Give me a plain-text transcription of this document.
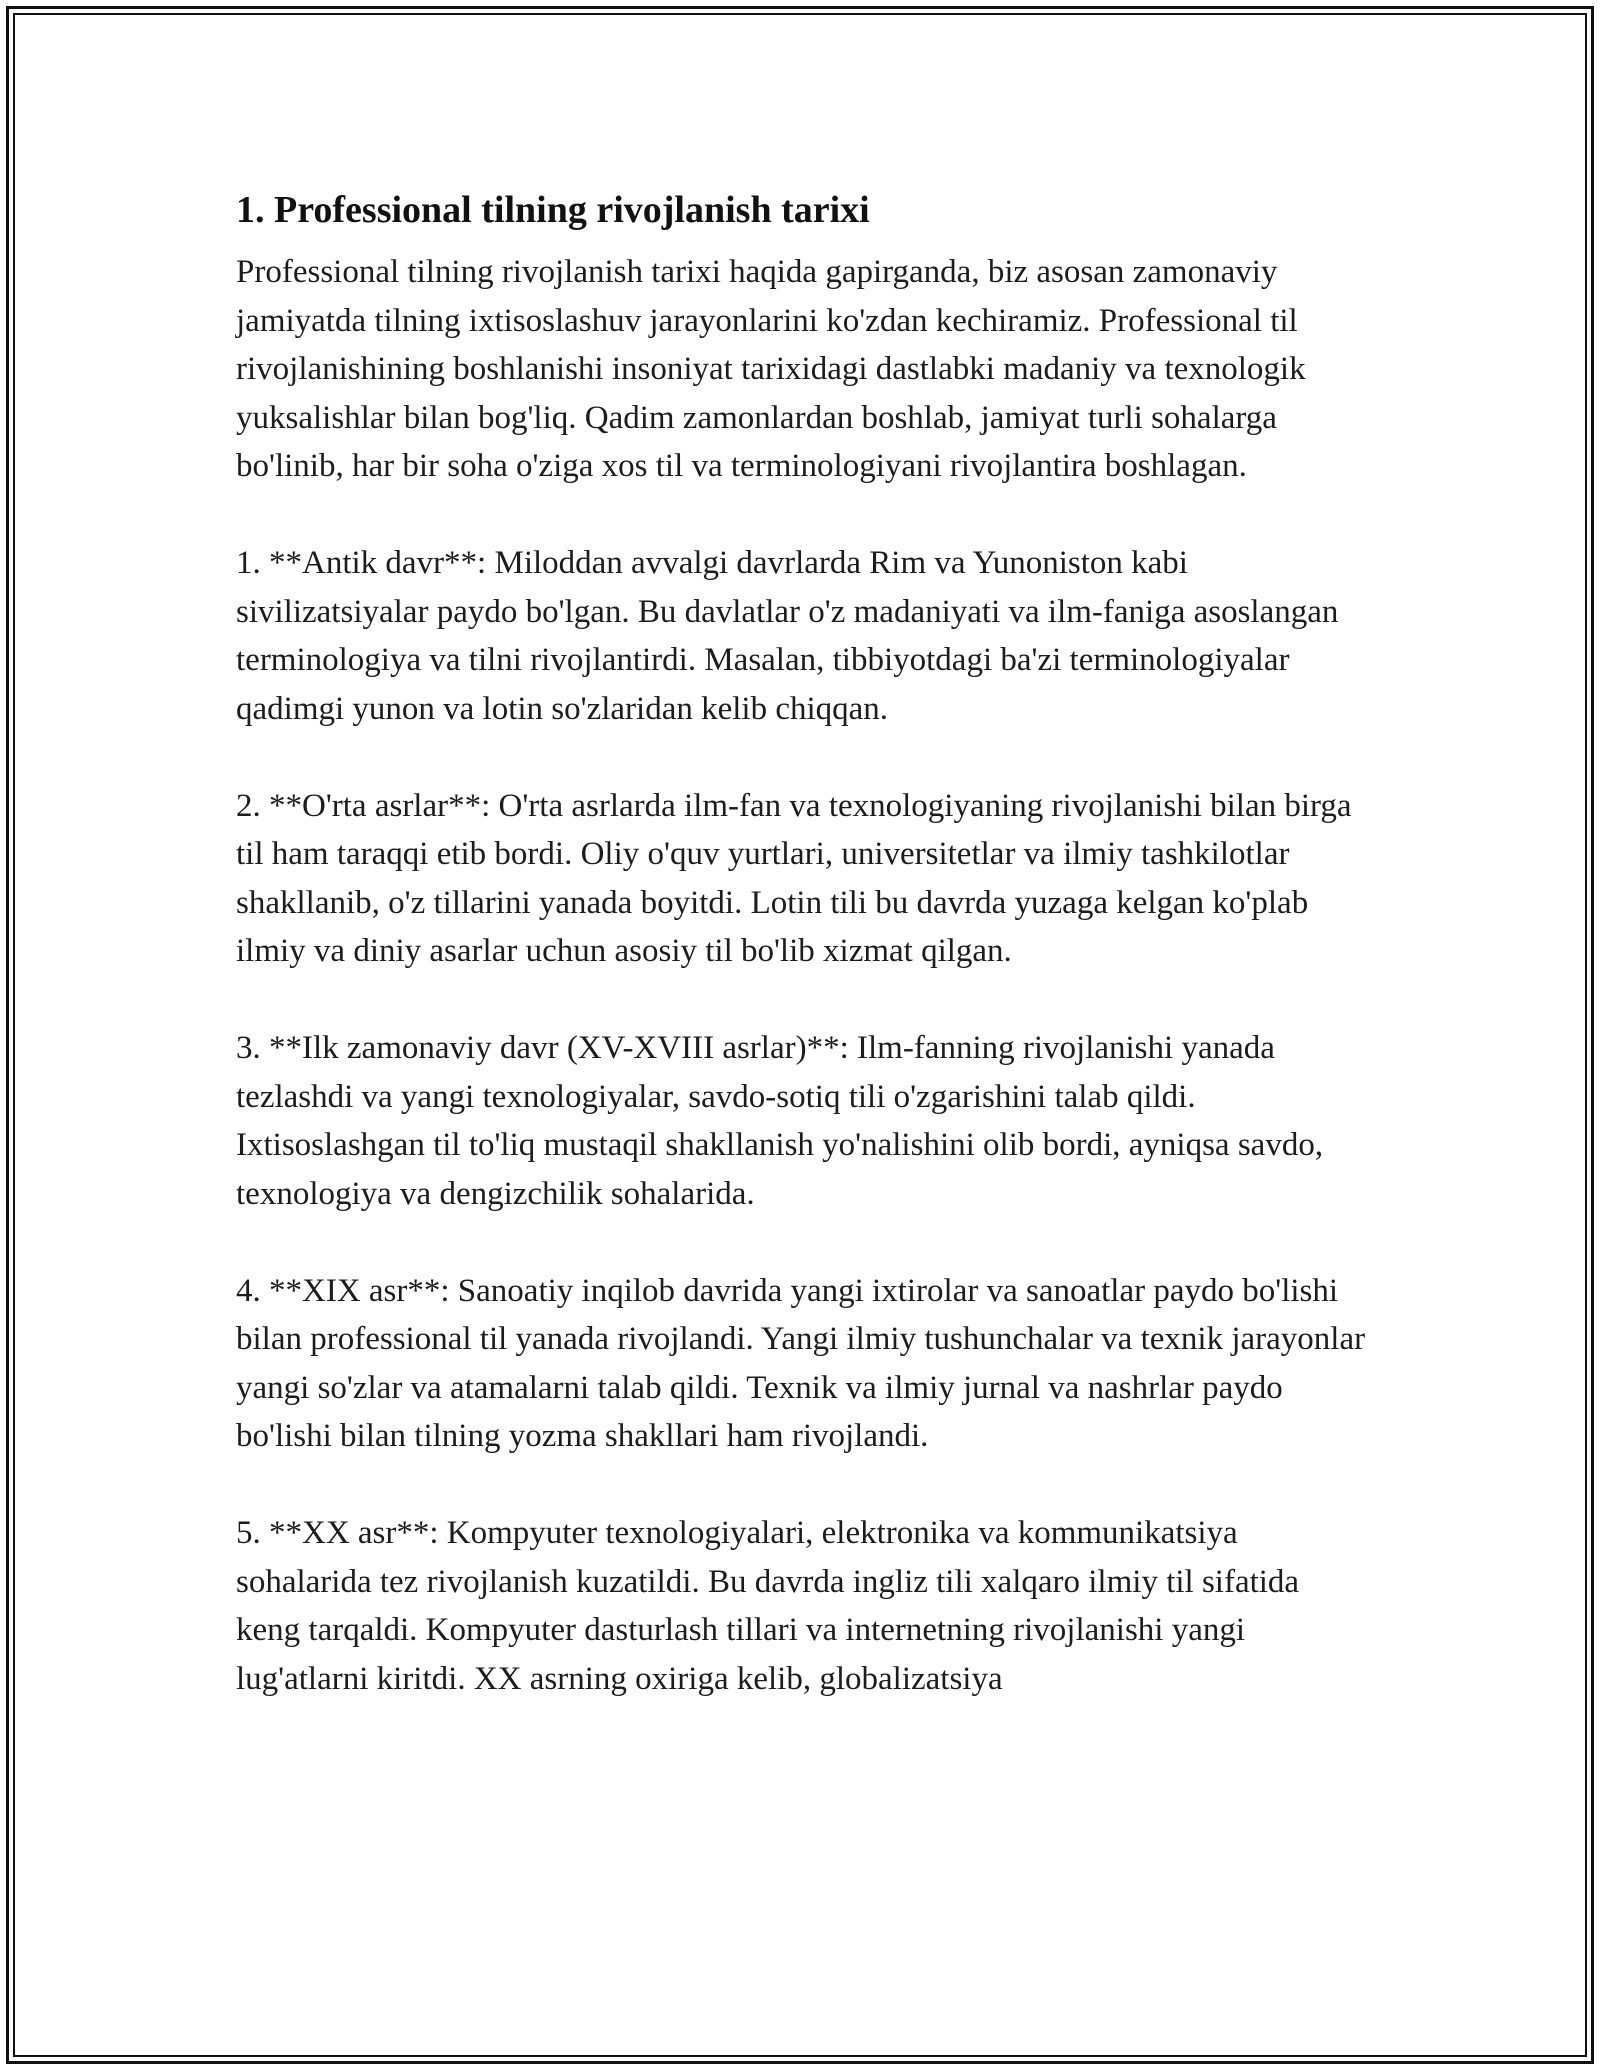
1. Professional tilning rivojlanish tarixi

Professional tilning rivojlanish tarixi haqida gapirganda, biz asosan zamonaviy jamiyatda tilning ixtisoslashuv jarayonlarini ko'zdan kechiramiz. Professional til rivojlanishining boshlanishi insoniyat tarixidagi dastlabki madaniy va texnologik yuksalishlar bilan bog'liq. Qadim zamonlardan boshlab, jamiyat turli sohalarga bo'linib, har bir soha o'ziga xos til va terminologiyani rivojlantira boshlagan.

1. **Antik davr**: Miloddan avvalgi davrlarda Rim va Yunoniston kabi sivilizatsiyalar paydo bo'lgan. Bu davlatlar o'z madaniyati va ilm-faniga asoslangan terminologiya va tilni rivojlantirdi. Masalan, tibbiyotdagi ba'zi terminologiyalar qadimgi yunon va lotin so'zlaridan kelib chiqqan.

2. **O'rta asrlar**: O'rta asrlarda ilm-fan va texnologiyaning rivojlanishi bilan birga til ham taraqqi etib bordi. Oliy o'quv yurtlari, universitetlar va ilmiy tashkilotlar shakllanib, o'z tillarini yanada boyitdi. Lotin tili bu davrda yuzaga kelgan ko'plab ilmiy va diniy asarlar uchun asosiy til bo'lib xizmat qilgan.

3. **Ilk zamonaviy davr (XV-XVIII asrlar)**: Ilm-fanning rivojlanishi yanada tezlashdi va yangi texnologiyalar, savdo-sotiq tili o'zgarishini talab qildi. Ixtisoslashgan til to'liq mustaqil shakllanish yo'nalishini olib bordi, ayniqsa savdo, texnologiya va dengizchilik sohalarida.

4. **XIX asr**: Sanoatiy inqilob davrida yangi ixtirolar va sanoatlar paydo bo'lishi bilan professional til yanada rivojlandi. Yangi ilmiy tushunchalar va texnik jarayonlar yangi so'zlar va atamalarni talab qildi. Texnik va ilmiy jurnal va nashrlar paydo bo'lishi bilan tilning yozma shakllari ham rivojlandi.

5. **XX asr**: Kompyuter texnologiyalari, elektronika va kommunikatsiya sohalarida tez rivojlanish kuzatildi. Bu davrda ingliz tili xalqaro ilmiy til sifatida keng tarqaldi. Kompyuter dasturlash tillari va internetning rivojlanishi yangi lug'atlarni kiritdi. XX asrning oxiriga kelib, globalizatsiya
